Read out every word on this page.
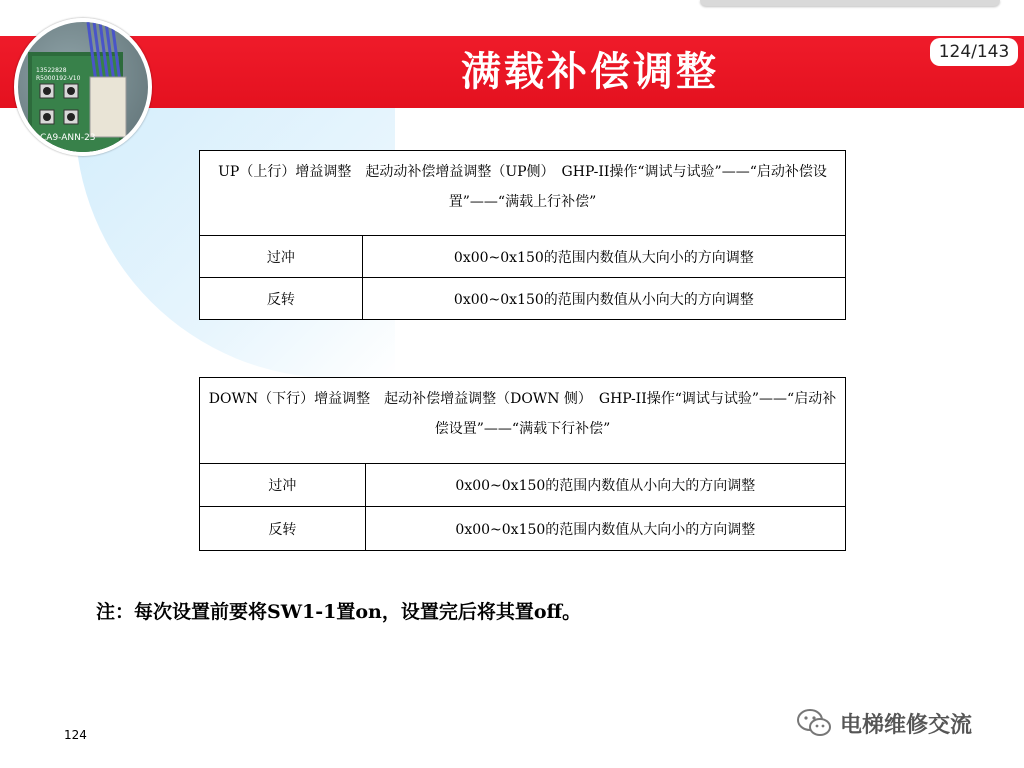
满载补偿调整	124/143
13522828
R5000192-V10
CA9-ANN-23
UP（上行）增益调整　起动动补偿增益调整（UP侧）　GHP-II操作“调试与试验”——“启动补偿设置”——“满载上行补偿”	
过冲	0x00~0x150的范围内数值从大向小的方向调整
反转	0x00~0x150的范围内数值从小向大的方向调整
DOWN（下行）增益调整　起动补偿增益调整（DOWN 侧）　GHP-II操作“调试与试验”——“启动补偿设置”——“满载下行补偿”	
过冲	0x00~0x150的范围内数值从小向大的方向调整
反转	0x00~0x150的范围内数值从大向小的方向调整
注：每次设置前要将SW1-1置on，设置完后将其置off。
124	电梯维修交流
